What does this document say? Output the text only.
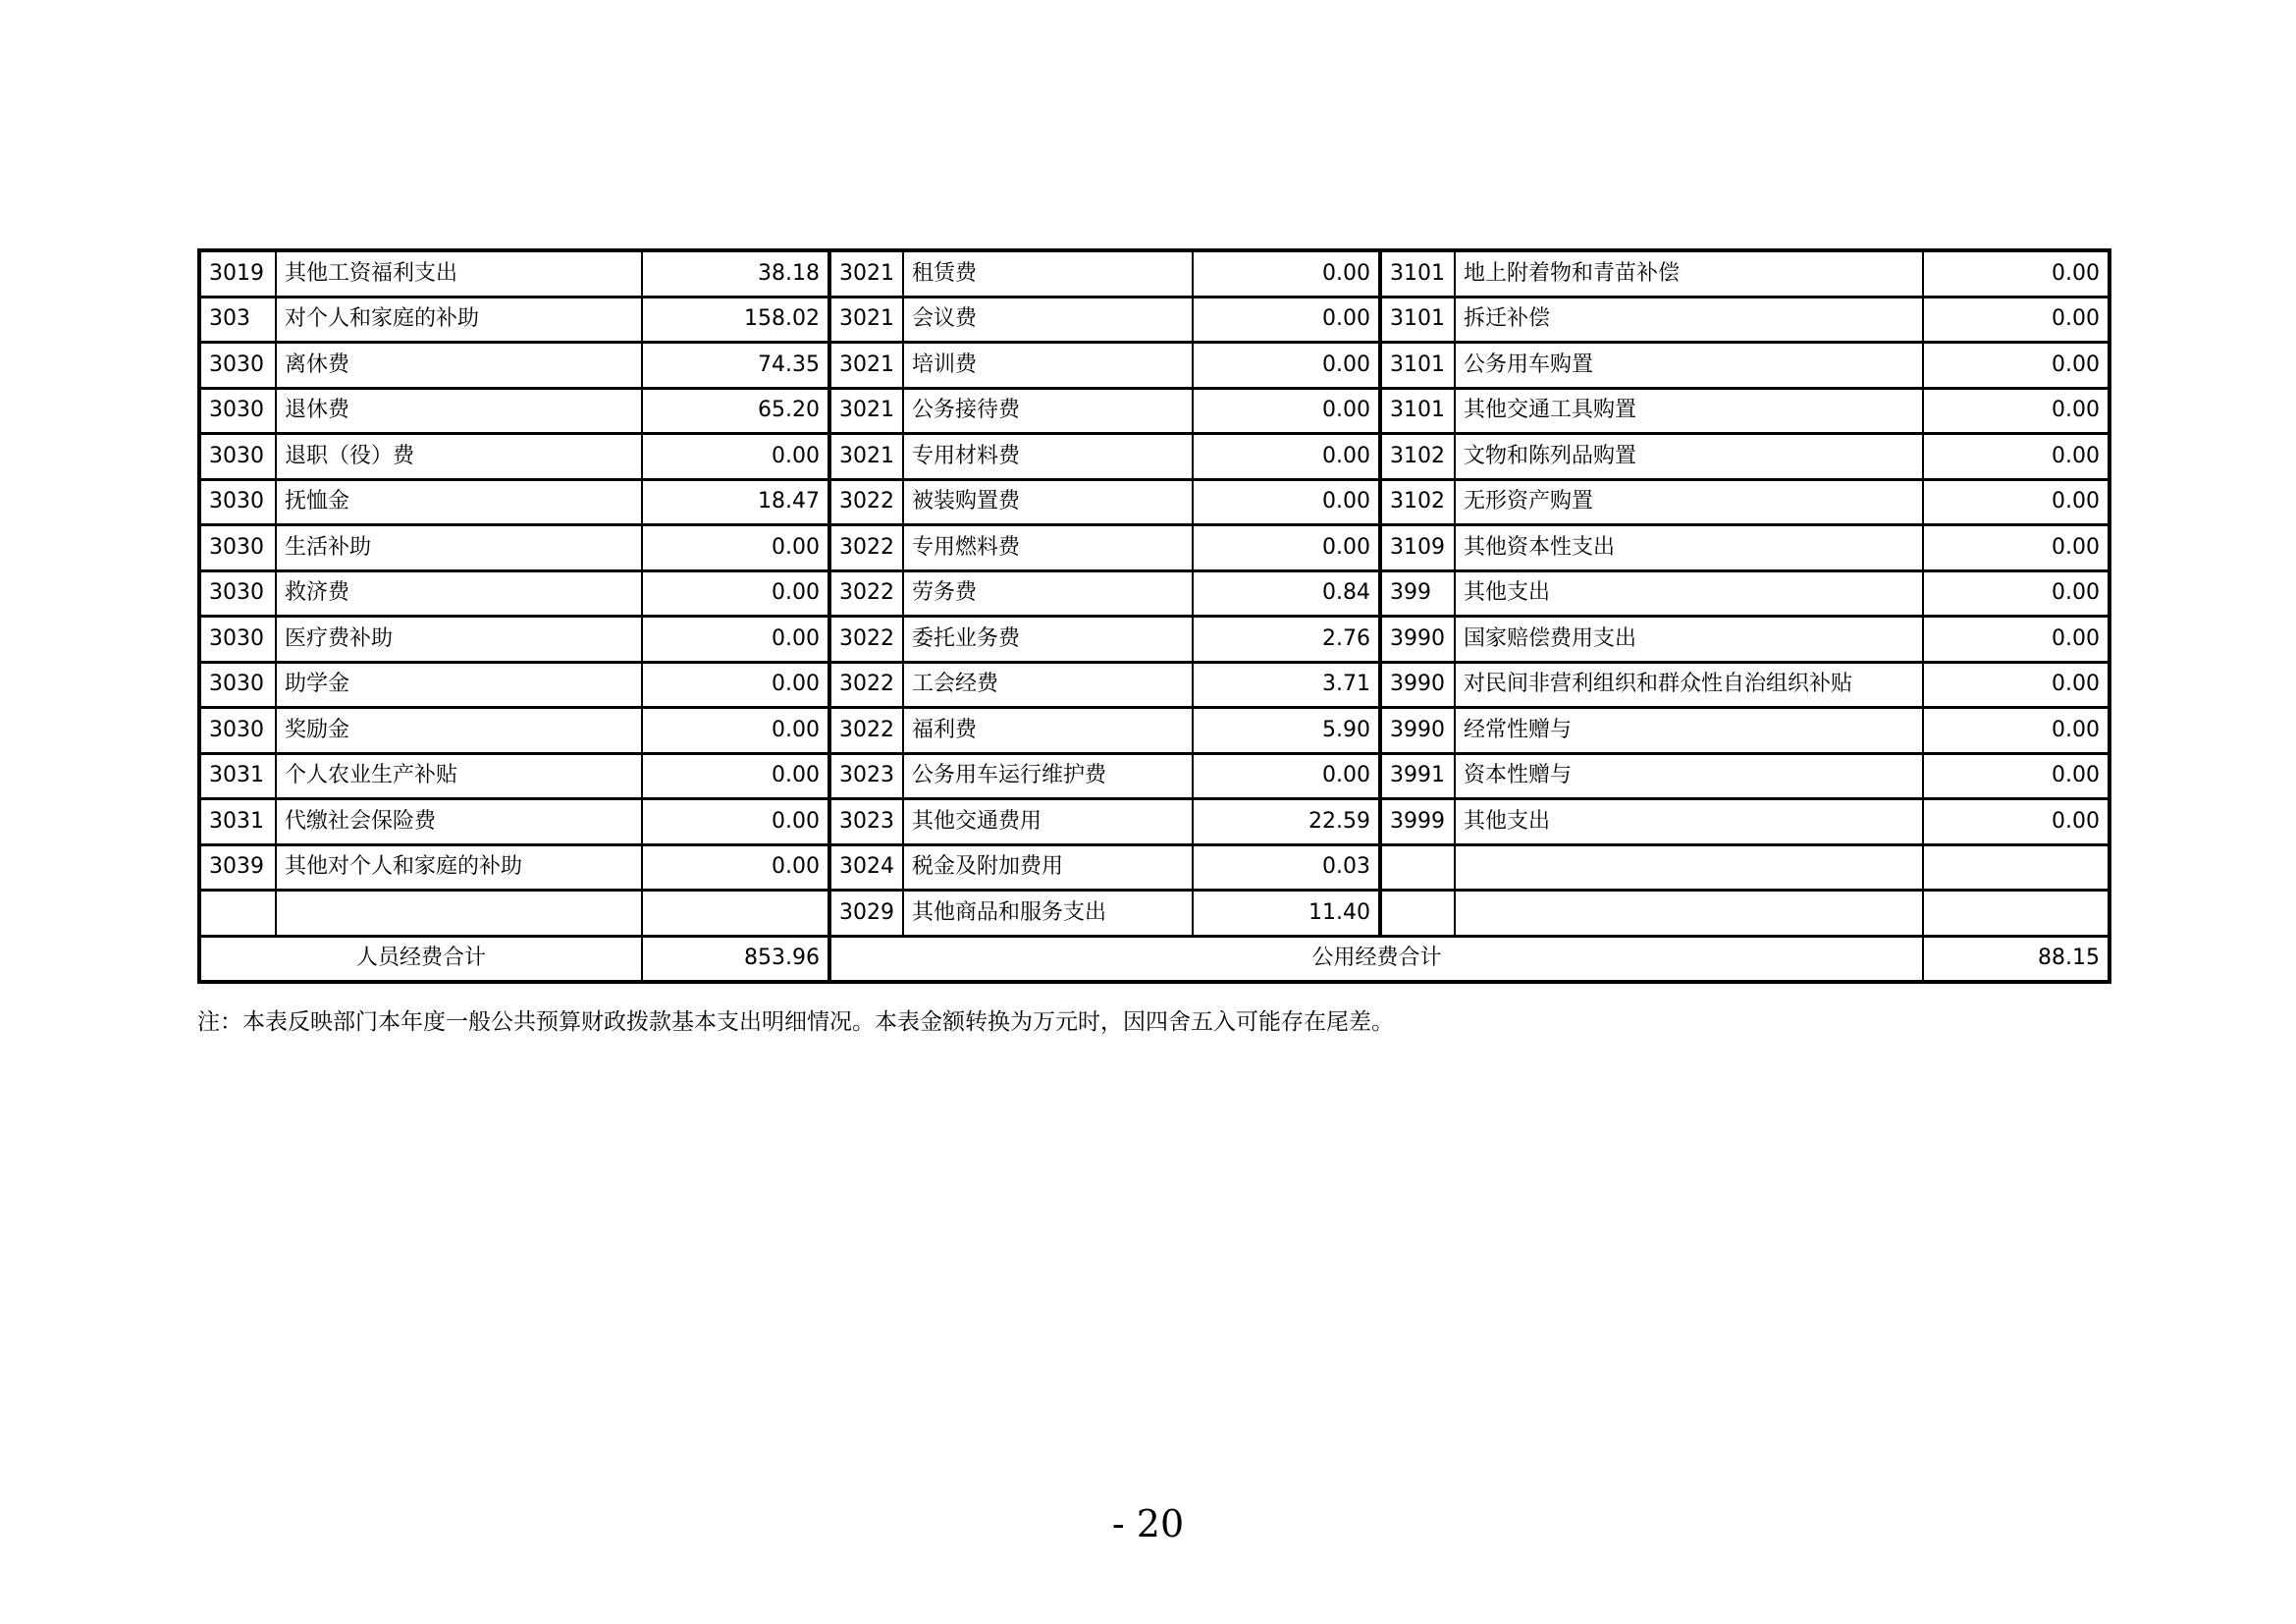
3019	其他工资福利支出	38.18	3021	租赁费	0.00	3101	地上附着物和青苗补偿	0.00
303	对个人和家庭的补助	158.02	3021	会议费	0.00	3101	拆迁补偿	0.00
3030	离休费	74.35	3021	培训费	0.00	3101	公务用车购置	0.00
3030	退休费	65.20	3021	公务接待费	0.00	3101	其他交通工具购置	0.00
3030	退职（役）费	0.00	3021	专用材料费	0.00	3102	文物和陈列品购置	0.00
3030	抚恤金	18.47	3022	被装购置费	0.00	3102	无形资产购置	0.00
3030	生活补助	0.00	3022	专用燃料费	0.00	3109	其他资本性支出	0.00
3030	救济费	0.00	3022	劳务费	0.84	399	其他支出	0.00
3030	医疗费补助	0.00	3022	委托业务费	2.76	3990	国家赔偿费用支出	0.00
3030	助学金	0.00	3022	工会经费	3.71	3990	对民间非营利组织和群众性自治组织补贴	0.00
3030	奖励金	0.00	3022	福利费	5.90	3990	经常性赠与	0.00
3031	个人农业生产补贴	0.00	3023	公务用车运行维护费	0.00	3991	资本性赠与	0.00
3031	代缴社会保险费	0.00	3023	其他交通费用	22.59	3999	其他支出	0.00
3039	其他对个人和家庭的补助	0.00	3024	税金及附加费用	0.03			
			3029	其他商品和服务支出	11.40			
人员经费合计		853.96	公用经费合计					88.15
注：本表反映部门本年度一般公共预算财政拨款基本支出明细情况。本表金额转换为万元时，因四舍五入可能存在尾差。
- 20
